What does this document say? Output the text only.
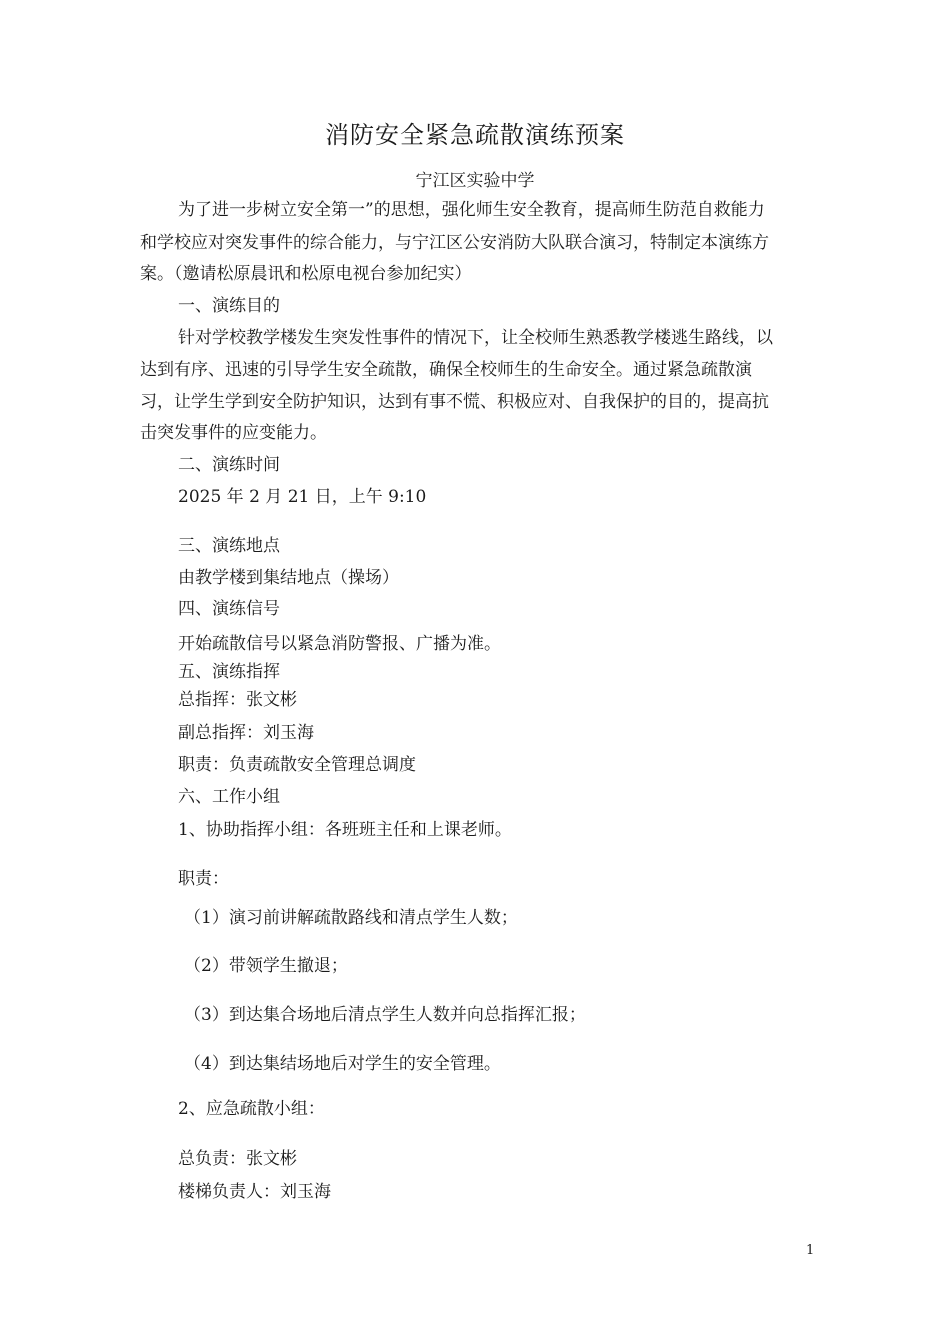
消防安全紧急疏散演练预案
宁江区实验中学
为了进一步树立安全第一”的思想，强化师生安全教育，提高师生防范自救能力
和学校应对突发事件的综合能力，与宁江区公安消防大队联合演习，特制定本演练方
案。（邀请松原晨讯和松原电视台参加纪实）
一、演练目的
针对学校教学楼发生突发性事件的情况下，让全校师生熟悉教学楼逃生路线，以
达到有序、迅速的引导学生安全疏散，确保全校师生的生命安全。通过紧急疏散演
习，让学生学到安全防护知识，达到有事不慌、积极应对、自我保护的目的，提高抗
击突发事件的应变能力。
二、演练时间
2025 年 2 月 21 日，上午 9:10
三、演练地点
由教学楼到集结地点（操场）
四、演练信号
开始疏散信号以紧急消防警报、广播为准。
五、演练指挥
总指挥：张文彬
副总指挥：刘玉海
职责：负责疏散安全管理总调度
六、工作小组
1、协助指挥小组：各班班主任和上课老师。
职责：
（1）演习前讲解疏散路线和清点学生人数；
（2）带领学生撤退；
（3）到达集合场地后清点学生人数并向总指挥汇报；
（4）到达集结场地后对学生的安全管理。
2、应急疏散小组：
总负责：张文彬
楼梯负责人：刘玉海
1
